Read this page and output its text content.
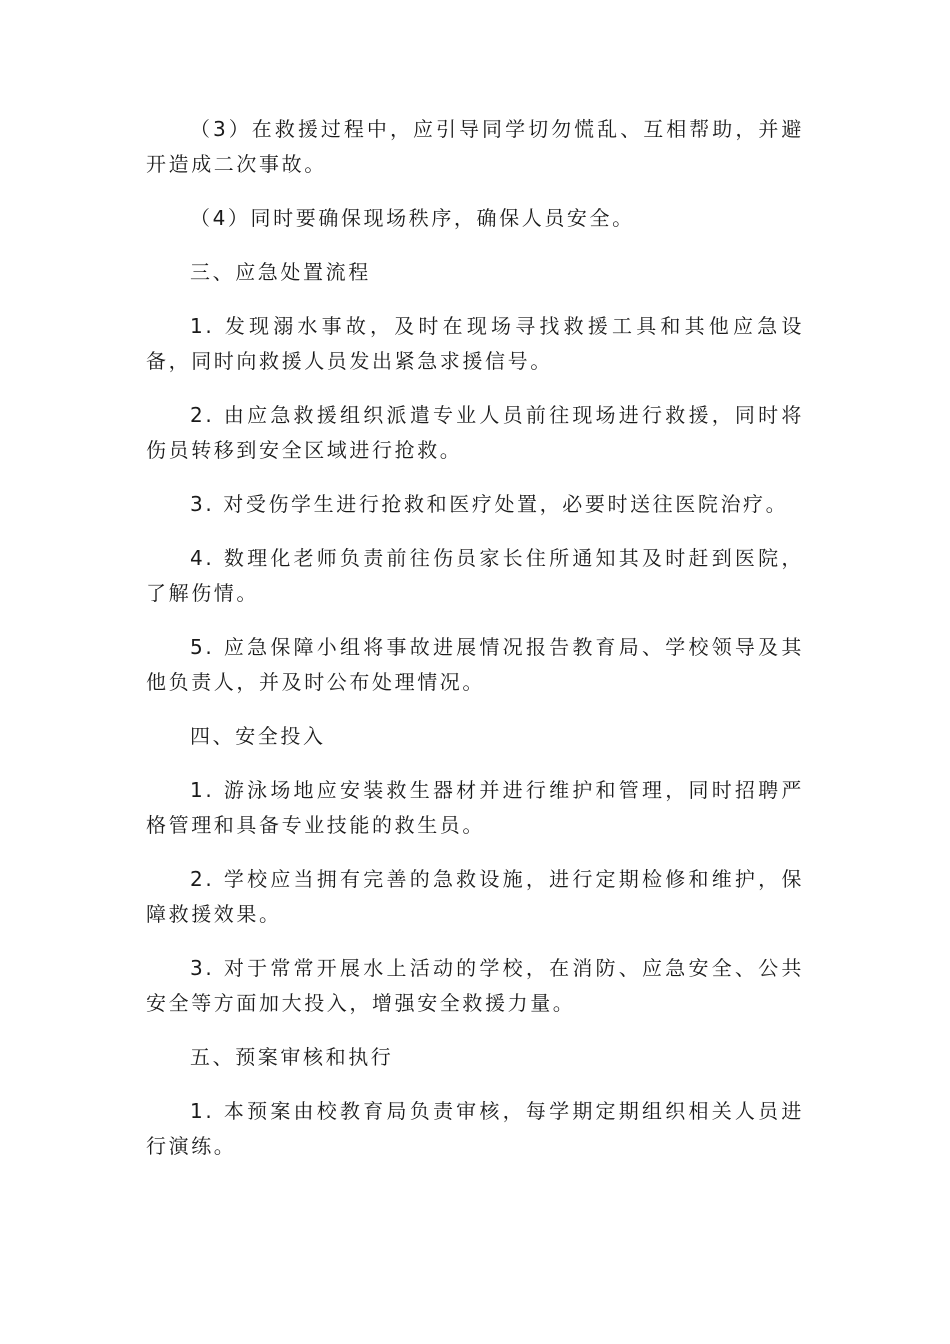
（3）在救援过程中，应引导同学切勿慌乱、互相帮助，并避开造成二次事故。

（4）同时要确保现场秩序，确保人员安全。

三、应急处置流程

1. 发现溺水事故，及时在现场寻找救援工具和其他应急设备，同时向救援人员发出紧急求援信号。

2. 由应急救援组织派遣专业人员前往现场进行救援，同时将伤员转移到安全区域进行抢救。

3. 对受伤学生进行抢救和医疗处置，必要时送往医院治疗。

4. 数理化老师负责前往伤员家长住所通知其及时赶到医院，了解伤情。

5. 应急保障小组将事故进展情况报告教育局、学校领导及其他负责人，并及时公布处理情况。

四、安全投入

1. 游泳场地应安装救生器材并进行维护和管理，同时招聘严格管理和具备专业技能的救生员。

2. 学校应当拥有完善的急救设施，进行定期检修和维护，保障救援效果。

3. 对于常常开展水上活动的学校，在消防、应急安全、公共安全等方面加大投入，增强安全救援力量。

五、预案审核和执行

1. 本预案由校教育局负责审核，每学期定期组织相关人员进行演练。
